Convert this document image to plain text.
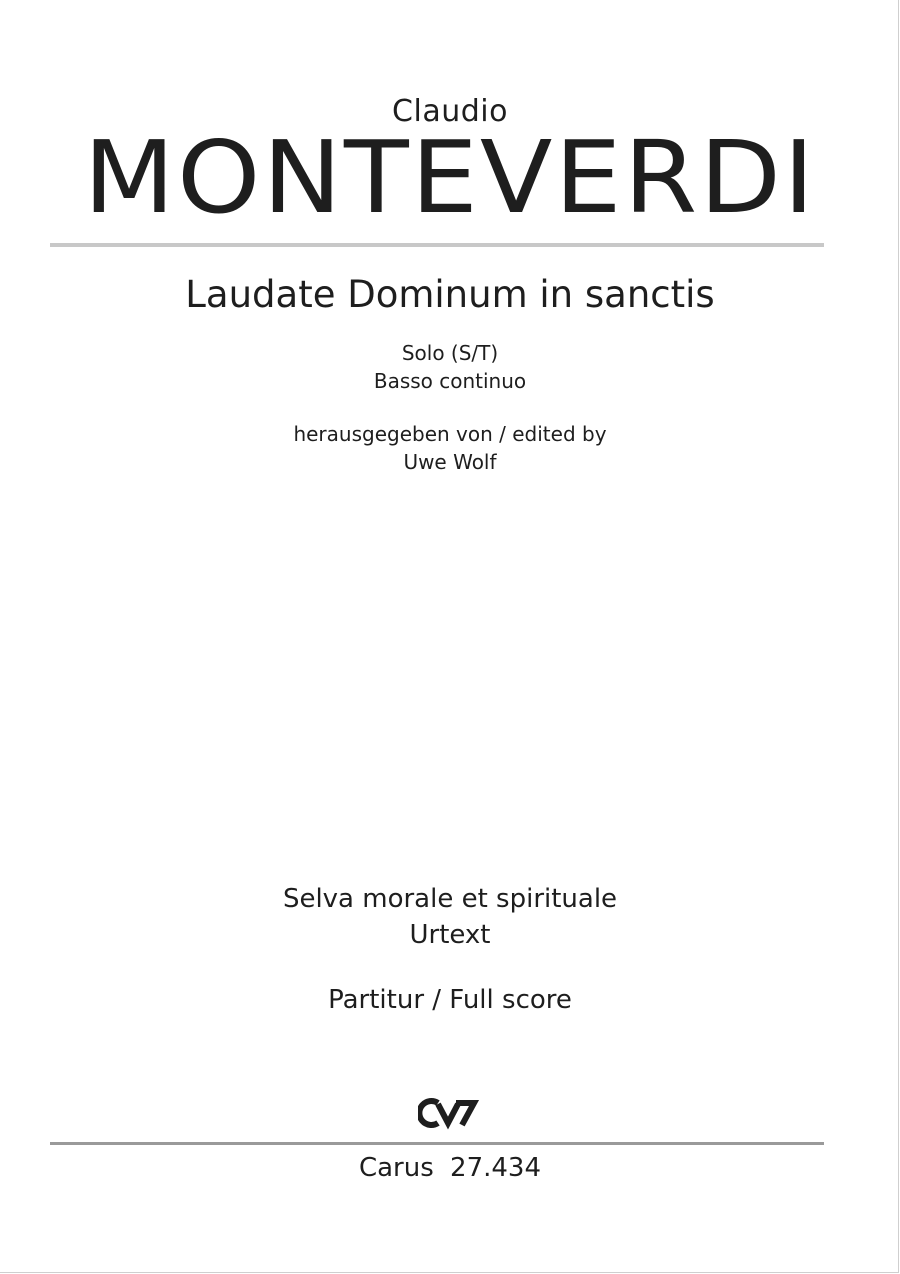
Claudio
MONTEVERDI
Laudate Dominum in sanctis
Solo (S/T)
Basso continuo
herausgegeben von / edited by
Uwe Wolf
Selva morale et spirituale
Urtext
Partitur / Full score
Carus 27.434
